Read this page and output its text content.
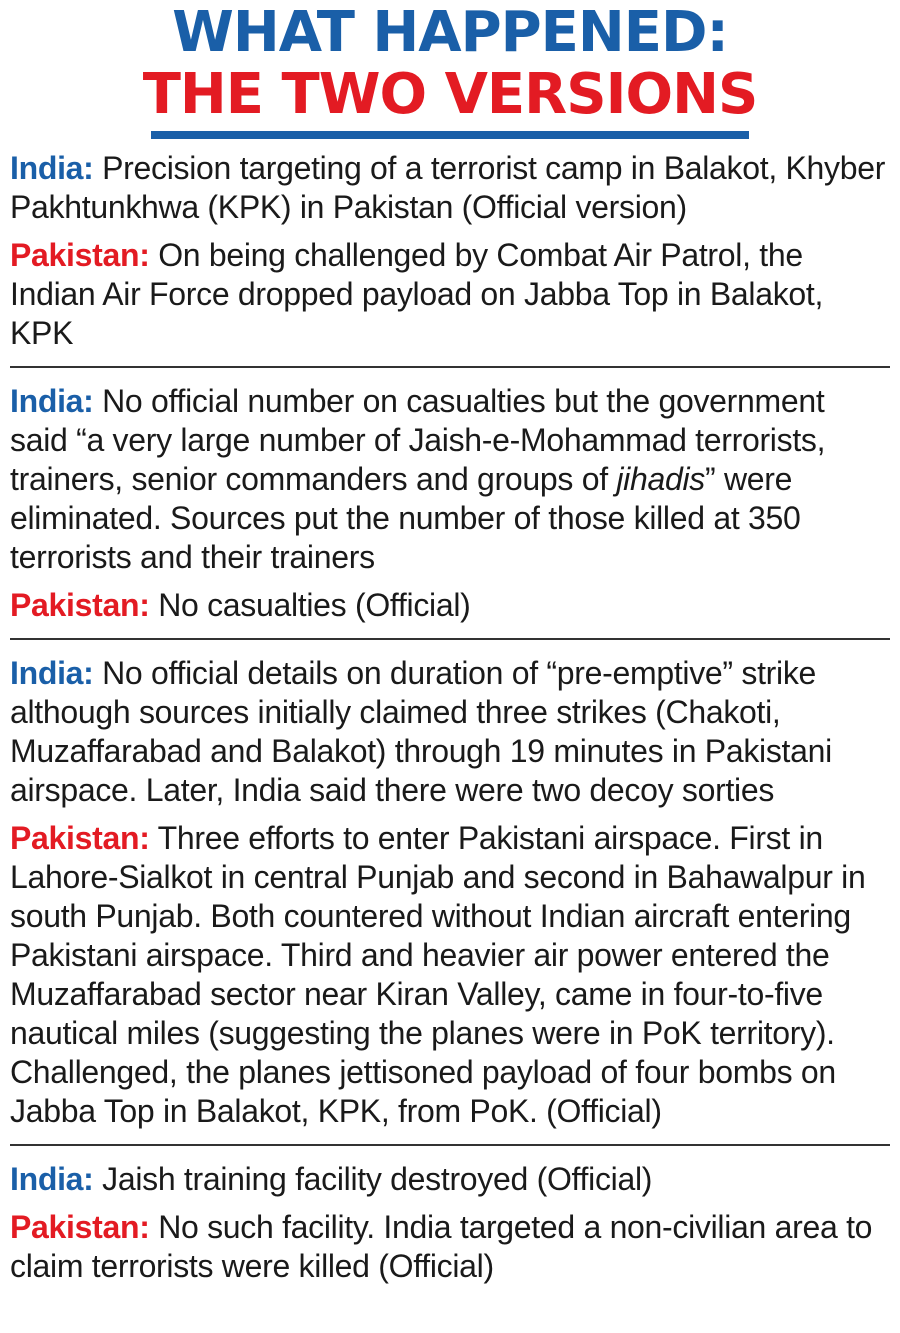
WHAT HAPPENED:
THE TWO VERSIONS

India: Precision targeting of a terrorist camp in Balakot, Khyber Pakhtunkhwa (KPK) in Pakistan (Official version)

Pakistan: On being challenged by Combat Air Patrol, the Indian Air Force dropped payload on Jabba Top in Balakot, KPK

India: No official number on casualties but the government said “a very large number of Jaish-e-Mohammad terrorists, trainers, senior commanders and groups of jihadis” were eliminated. Sources put the number of those killed at 350 terrorists and their trainers

Pakistan: No casualties (Official)

India: No official details on duration of “pre-emptive” strike although sources initially claimed three strikes (Chakoti, Muzaffarabad and Balakot) through 19 minutes in Pakistani airspace. Later, India said there were two decoy sorties

Pakistan: Three efforts to enter Pakistani airspace. First in Lahore-Sialkot in central Punjab and second in Bahawalpur in south Punjab. Both countered without Indian aircraft entering Pakistani airspace. Third and heavier air power entered the Muzaffarabad sector near Kiran Valley, came in four-to-five nautical miles (suggesting the planes were in PoK territory). Challenged, the planes jettisoned payload of four bombs on Jabba Top in Balakot, KPK, from PoK. (Official)

India: Jaish training facility destroyed (Official)

Pakistan: No such facility. India targeted a non-civilian area to claim terrorists were killed (Official)
